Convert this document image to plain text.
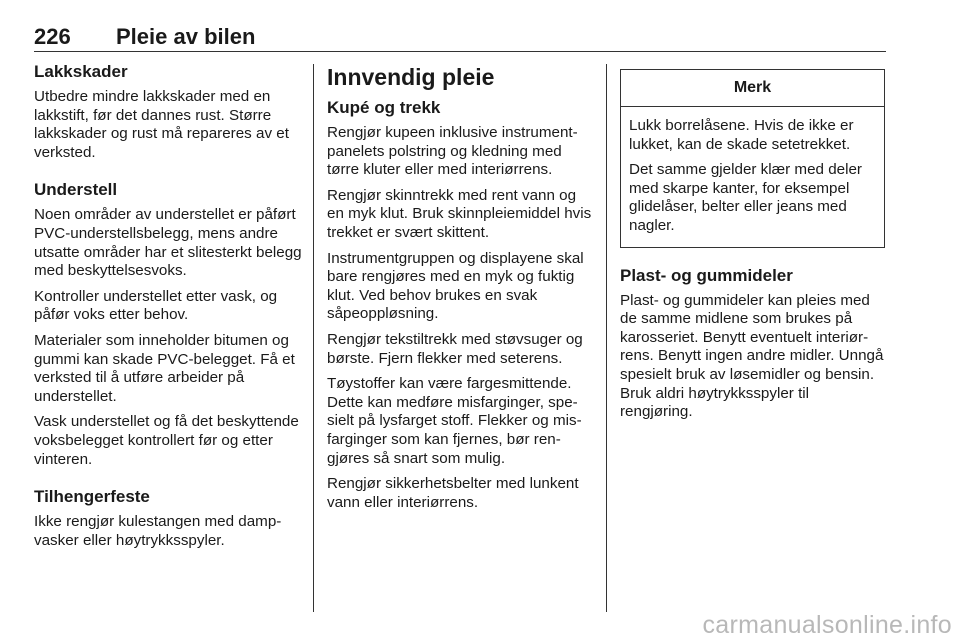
226 Pleie av bilen
Lakkskader

Utbedre mindre lakkskader med en lakkstift, før det dannes rust. Større lakkskader og rust må repareres av et verksted.

Understell

Noen områder av understellet er påført PVC-understellsbelegg, mens andre utsatte områder har et slitesterkt belegg med beskyttelsesvoks.

Kontroller understellet etter vask, og påfør voks etter behov.

Materialer som inneholder bitumen og gummi kan skade PVC-belegget. Få et verksted til å utføre arbeider på understellet.

Vask understellet og få det beskyttende voksbelegget kontrollert før og etter vinteren.

Tilhengerfeste

Ikke rengjør kulestangen med dampvasker eller høytrykksspyler.

Innvendig pleie
Kupé og trekk

Rengjør kupeen inklusive instrumentpanelets polstring og kledning med tørre kluter eller med interiørrens.

Rengjør skinntrekk med rent vann og en myk klut. Bruk skinnpleiemiddel hvis trekket er svært skittent.

Instrumentgruppen og displayene skal bare rengjøres med en myk og fuktig klut. Ved behov brukes en svak såpeoppløsning.

Rengjør tekstiltrekk med støvsuger og børste. Fjern flekker med seterens.

Tøystoffer kan være fargesmittende. Dette kan medføre misfarginger, spesielt på lysfarget stoff. Flekker og misfarginger som kan fjernes, bør rengjøres så snart som mulig.

Rengjør sikkerhetsbelter med lunkent vann eller interiørrens.

Merk

Lukk borrelåsene. Hvis de ikke er lukket, kan de skade setetrekket.

Det samme gjelder klær med deler med skarpe kanter, for eksempel glidelåser, belter eller jeans med nagler.

Plast- og gummideler

Plast- og gummideler kan pleies med de samme midlene som brukes på karosseriet. Benytt eventuelt interiørrens. Benytt ingen andre midler. Unngå spesielt bruk av løsemidler og bensin. Bruk aldri høytrykksspyler til rengjøring.

carmanualsonline.info
